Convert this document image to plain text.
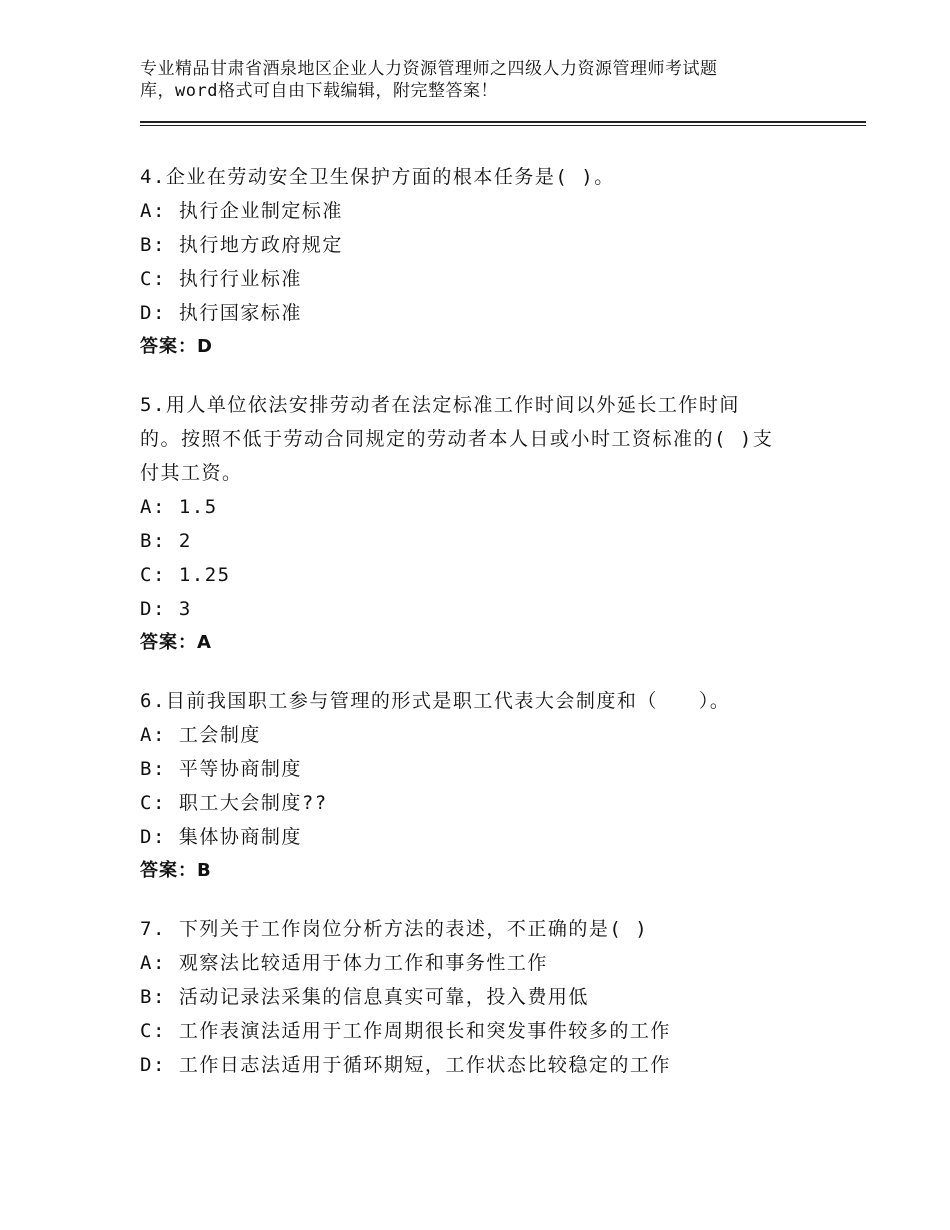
专业精品甘肃省酒泉地区企业人力资源管理师之四级人力资源管理师考试题
库，word格式可自由下载编辑，附完整答案！
4.企业在劳动安全卫生保护方面的根本任务是( )。
A: 执行企业制定标准
B: 执行地方政府规定
C: 执行行业标准
D: 执行国家标准
答案：D
5.用人单位依法安排劳动者在法定标准工作时间以外延长工作时间
的。按照不低于劳动合同规定的劳动者本人日或小时工资标准的( )支
付其工资。
A: 1.5
B: 2
C: 1.25
D: 3
答案：A
6.目前我国职工参与管理的形式是职工代表大会制度和（　　）。
A: 工会制度
B: 平等协商制度
C: 职工大会制度??
D: 集体协商制度
答案：B
7. 下列关于工作岗位分析方法的表述，不正确的是( )
A: 观察法比较适用于体力工作和事务性工作
B: 活动记录法采集的信息真实可靠，投入费用低
C: 工作表演法适用于工作周期很长和突发事件较多的工作
D: 工作日志法适用于循环期短，工作状态比较稳定的工作
